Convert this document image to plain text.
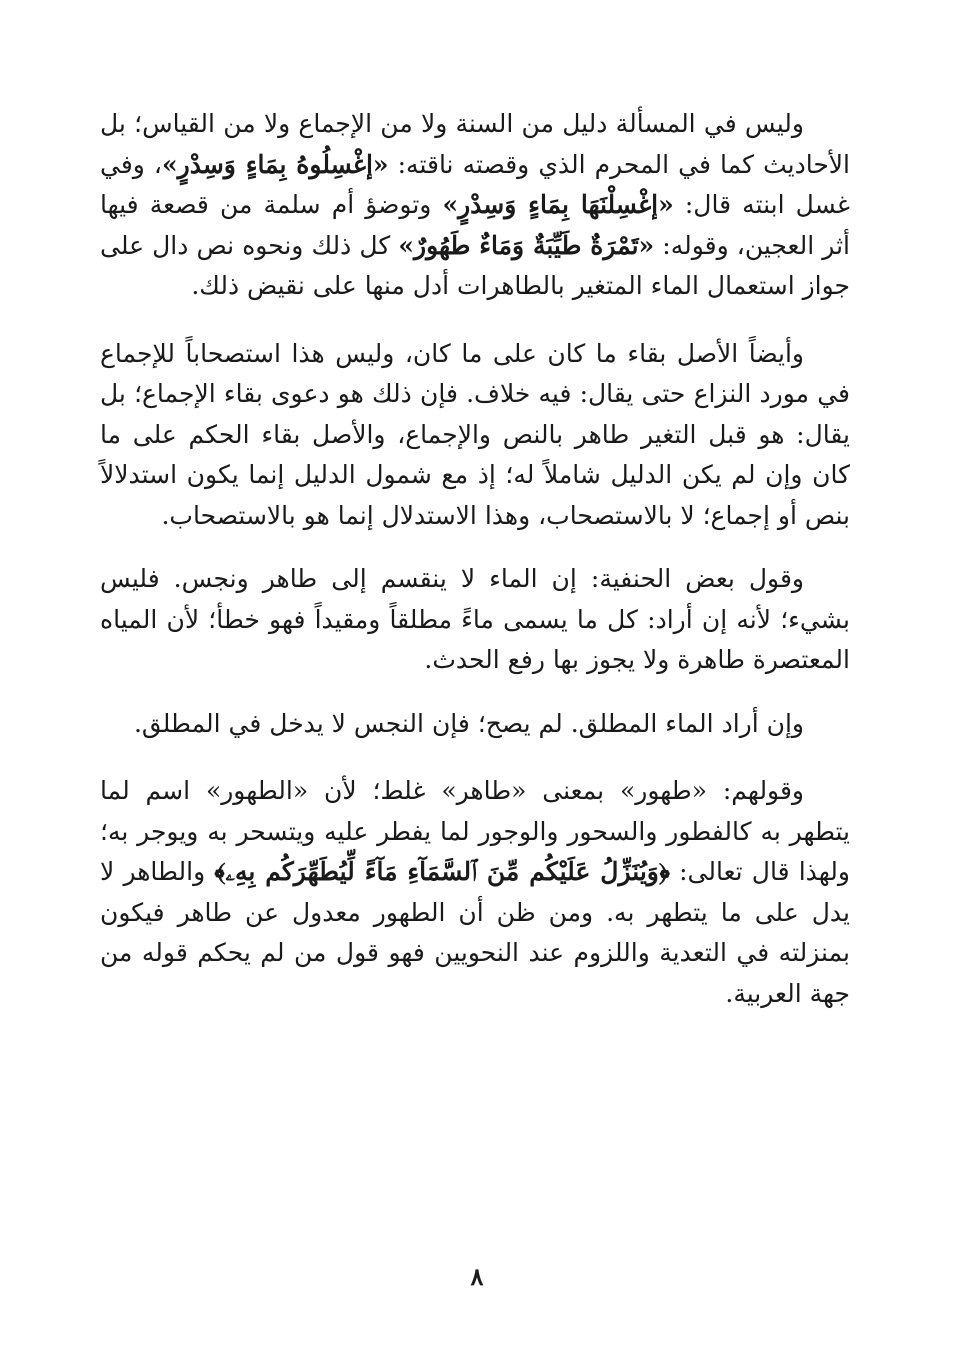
وليس في المسألة دليل من السنة ولا من الإجماع ولا من القياس؛ بل الأحاديث كما في المحرم الذي وقصته ناقته: «إغْسِلُوهُ بِمَاءٍ وَسِدْرٍ»، وفي غسل ابنته قال: «إغْسِلْنَهَا بِمَاءٍ وَسِدْرٍ» وتوضؤ أم سلمة من قصعة فيها أثر العجين، وقوله: «تَمْرَةٌ طَيِّبَةٌ وَمَاءٌ طَهُورٌ» كل ذلك ونحوه نص دال على جواز استعمال الماء المتغير بالطاهرات أدل منها على نقيض ذلك.

وأيضاً الأصل بقاء ما كان على ما كان، وليس هذا استصحاباً للإجماع في مورد النزاع حتى يقال: فيه خلاف. فإن ذلك هو دعوى بقاء الإجماع؛ بل يقال: هو قبل التغير طاهر بالنص والإجماع، والأصل بقاء الحكم على ما كان وإن لم يكن الدليل شاملاً له؛ إذ مع شمول الدليل إنما يكون استدلالاً بنص أو إجماع؛ لا بالاستصحاب، وهذا الاستدلال إنما هو بالاستصحاب.

وقول بعض الحنفية: إن الماء لا ينقسم إلى طاهر ونجس. فليس بشيء؛ لأنه إن أراد: كل ما يسمى ماءً مطلقاً ومقيداً فهو خطأ؛ لأن المياه المعتصرة طاهرة ولا يجوز بها رفع الحدث.

وإن أراد الماء المطلق. لم يصح؛ فإن النجس لا يدخل في المطلق.

وقولهم: «طهور» بمعنى «طاهر» غلط؛ لأن «الطهور» اسم لما يتطهر به كالفطور والسحور والوجور لما يفطر عليه ويتسحر به ويوجر به؛ ولهذا قال تعالى: ﴿وَيُنَزِّلُ عَلَيْكُم مِّنَ ٱلسَّمَآءِ مَآءً لِّيُطَهِّرَكُم بِهِۦ﴾ والطاهر لا يدل على ما يتطهر به. ومن ظن أن الطهور معدول عن طاهر فيكون بمنزلته في التعدية واللزوم عند النحويين فهو قول من لم يحكم قوله من جهة العربية.

٨
